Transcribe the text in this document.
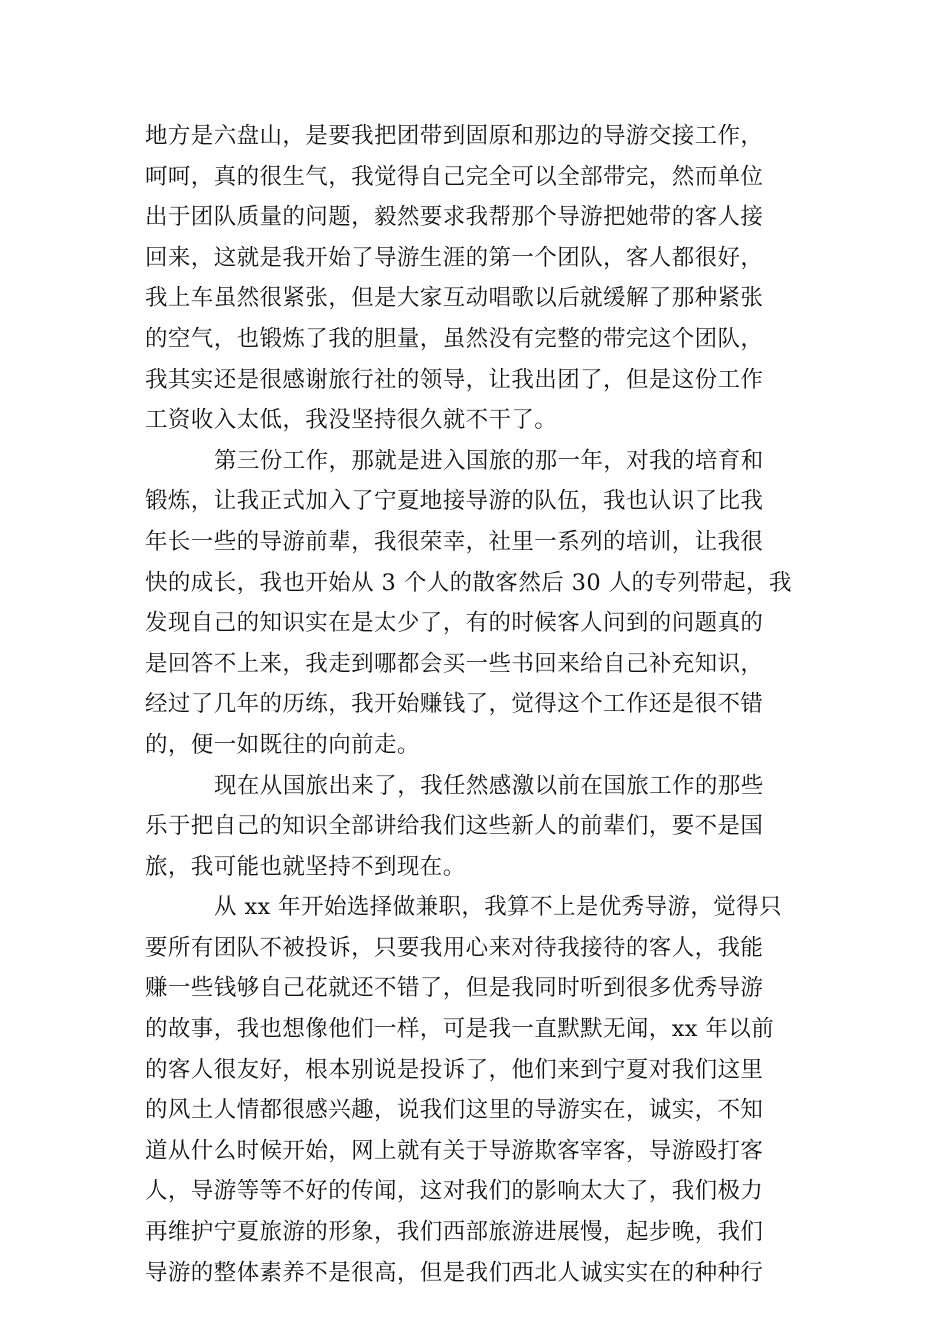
地方是六盘山，是要我把团带到固原和那边的导游交接工作，
呵呵，真的很生气，我觉得自己完全可以全部带完，然而单位
出于团队质量的问题，毅然要求我帮那个导游把她带的客人接
回来，这就是我开始了导游生涯的第一个团队，客人都很好，
我上车虽然很紧张，但是大家互动唱歌以后就缓解了那种紧张
的空气，也锻炼了我的胆量，虽然没有完整的带完这个团队，
我其实还是很感谢旅行社的领导，让我出团了，但是这份工作
工资收入太低，我没坚持很久就不干了。
第三份工作，那就是进入国旅的那一年，对我的培育和
锻炼，让我正式加入了宁夏地接导游的队伍，我也认识了比我
年长一些的导游前辈，我很荣幸，社里一系列的培训，让我很
快的成长，我也开始从 3 个人的散客然后 30 人的专列带起，我
发现自己的知识实在是太少了，有的时候客人问到的问题真的
是回答不上来，我走到哪都会买一些书回来给自己补充知识，
经过了几年的历练，我开始赚钱了，觉得这个工作还是很不错
的，便一如既往的向前走。
现在从国旅出来了，我任然感激以前在国旅工作的那些
乐于把自己的知识全部讲给我们这些新人的前辈们，要不是国
旅，我可能也就坚持不到现在。
从 xx 年开始选择做兼职，我算不上是优秀导游，觉得只
要所有团队不被投诉，只要我用心来对待我接待的客人，我能
赚一些钱够自己花就还不错了，但是我同时听到很多优秀导游
的故事，我也想像他们一样，可是我一直默默无闻，xx 年以前
的客人很友好，根本别说是投诉了，他们来到宁夏对我们这里
的风土人情都很感兴趣，说我们这里的导游实在，诚实，不知
道从什么时候开始，网上就有关于导游欺客宰客，导游殴打客
人，导游等等不好的传闻，这对我们的影响太大了，我们极力
再维护宁夏旅游的形象，我们西部旅游进展慢，起步晚，我们
导游的整体素养不是很高，但是我们西北人诚实实在的种种行
